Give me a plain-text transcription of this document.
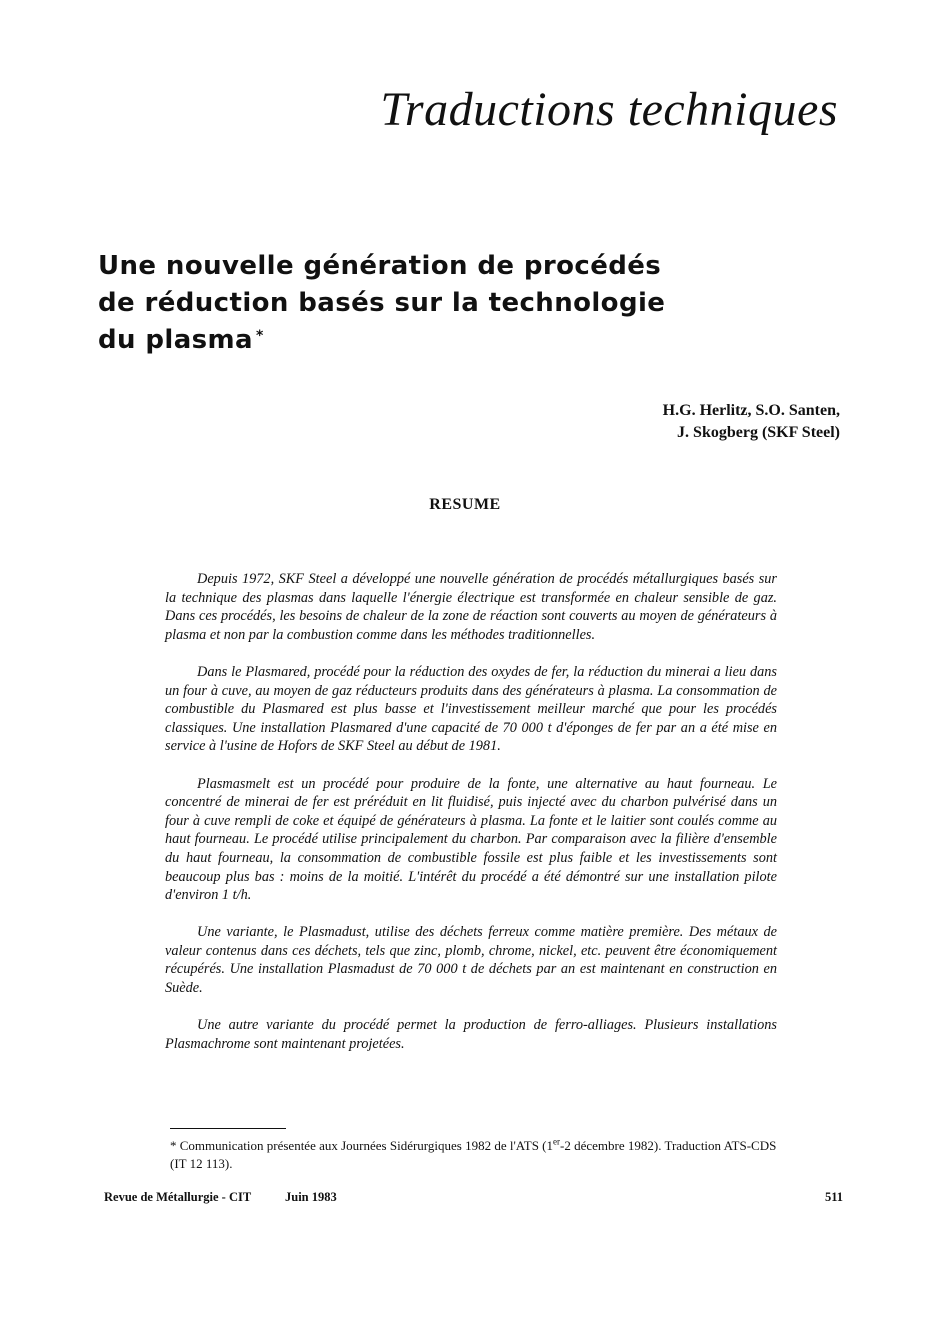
Traductions techniques
Une nouvelle génération de procédés
de réduction basés sur la technologie
du plasma *
H.G. Herlitz, S.O. Santen,
J. Skogberg (SKF Steel)
RESUME

Depuis 1972, SKF Steel a développé une nouvelle génération de procédés métallurgiques basés sur la technique des plasmas dans laquelle l'énergie électrique est transformée en chaleur sensible de gaz. Dans ces procédés, les besoins de chaleur de la zone de réaction sont couverts au moyen de générateurs à plasma et non par la combustion comme dans les méthodes traditionnelles.

Dans le Plasmared, procédé pour la réduction des oxydes de fer, la réduction du minerai a lieu dans un four à cuve, au moyen de gaz réducteurs produits dans des générateurs à plasma. La consommation de combustible du Plasmared est plus basse et l'investissement meilleur marché que pour les procédés classiques. Une installation Plasmared d'une capacité de 70 000 t d'éponges de fer par an a été mise en service à l'usine de Hofors de SKF Steel au début de 1981.

Plasmasmelt est un procédé pour produire de la fonte, une alternative au haut fourneau. Le concentré de minerai de fer est préréduit en lit fluidisé, puis injecté avec du charbon pulvérisé dans un four à cuve rempli de coke et équipé de générateurs à plasma. La fonte et le laitier sont coulés comme au haut fourneau. Le procédé utilise principalement du charbon. Par comparaison avec la filière d'ensemble du haut fourneau, la consommation de combustible fossile est plus faible et les investissements sont beaucoup plus bas : moins de la moitié. L'intérêt du procédé a été démontré sur une installation pilote d'environ 1 t/h.

Une variante, le Plasmadust, utilise des déchets ferreux comme matière première. Des métaux de valeur contenus dans ces déchets, tels que zinc, plomb, chrome, nickel, etc. peuvent être économiquement récupérés. Une installation Plasmadust de 70 000 t de déchets par an est maintenant en construction en Suède.

Une autre variante du procédé permet la production de ferro-alliages. Plusieurs installations Plasmachrome sont maintenant projetées.

* Communication présentée aux Journées Sidérurgiques 1982 de l'ATS (1er-2 décembre 1982). Traduction ATS-CDS (IT 12 113).
Revue de Métallurgie - CIT	Juin 1983	511
